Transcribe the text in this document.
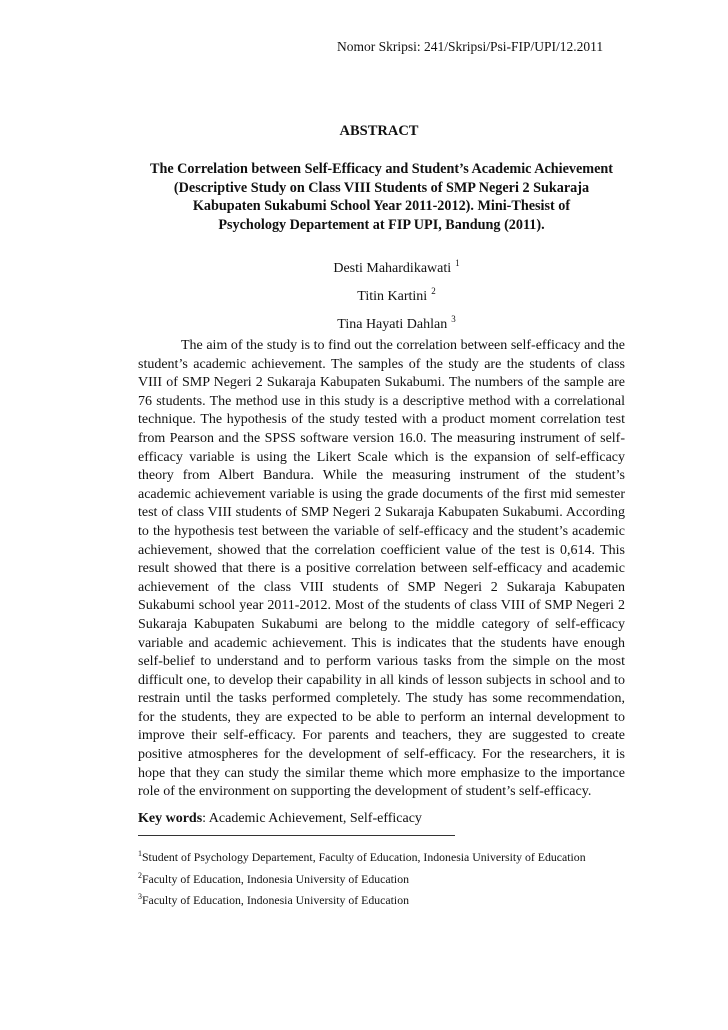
Nomor Skripsi: 241/Skripsi/Psi-FIP/UPI/12.2011
ABSTRACT
The Correlation between Self-Efficacy and Student’s Academic Achievement
(Descriptive Study on Class VIII Students of SMP Negeri 2 Sukaraja
Kabupaten Sukabumi School Year 2011-2012). Mini-Thesist of
Psychology Departement at FIP UPI, Bandung (2011).
Desti Mahardikawati $^1$
Titin Kartini $^2$
Tina Hayati Dahlan $^3$

The aim of the study is to find out the correlation between self-efficacy and the student’s academic achievement. The samples of the study are the students of class VIII of SMP Negeri 2 Sukaraja Kabupaten Sukabumi. The numbers of the sample are 76 students. The method use in this study is a descriptive method with a correlational technique. The hypothesis of the study tested with a product moment correlation test from Pearson and the SPSS software version 16.0. The measuring instrument of self-efficacy variable is using the Likert Scale which is the expansion of self-efficacy theory from Albert Bandura. While the measuring instrument of the student’s academic achievement variable is using the grade documents of the first mid semester test of class VIII students of SMP Negeri 2 Sukaraja Kabupaten Sukabumi. According to the hypothesis test between the variable of self-efficacy and the student’s academic achievement, showed that the correlation coefficient value of the test is 0,614. This result showed that there is a positive correlation between self-efficacy and academic achievement of the class VIII students of SMP Negeri 2 Sukaraja Kabupaten Sukabumi school year 2011-2012. Most of the students of class VIII of SMP Negeri 2 Sukaraja Kabupaten Sukabumi are belong to the middle category of self-efficacy variable and academic achievement. This is indicates that the students have enough self-belief to understand and to perform various tasks from the simple on the most difficult one, to develop their capability in all kinds of lesson subjects in school and to restrain until the tasks performed completely. The study has some recommendation, for the students, they are expected to be able to perform an internal development to improve their self-efficacy. For parents and teachers, they are suggested to create positive atmospheres for the development of self-efficacy. For the researchers, it is hope that they can study the similar theme which more emphasize to the importance role of the environment on supporting the development of student’s self-efficacy.

Key words: Academic Achievement, Self-efficacy
$^1$Student of Psychology Departement, Faculty of Education, Indonesia University of Education
$^2$Faculty of Education, Indonesia University of Education
$^3$Faculty of Education, Indonesia University of Education
